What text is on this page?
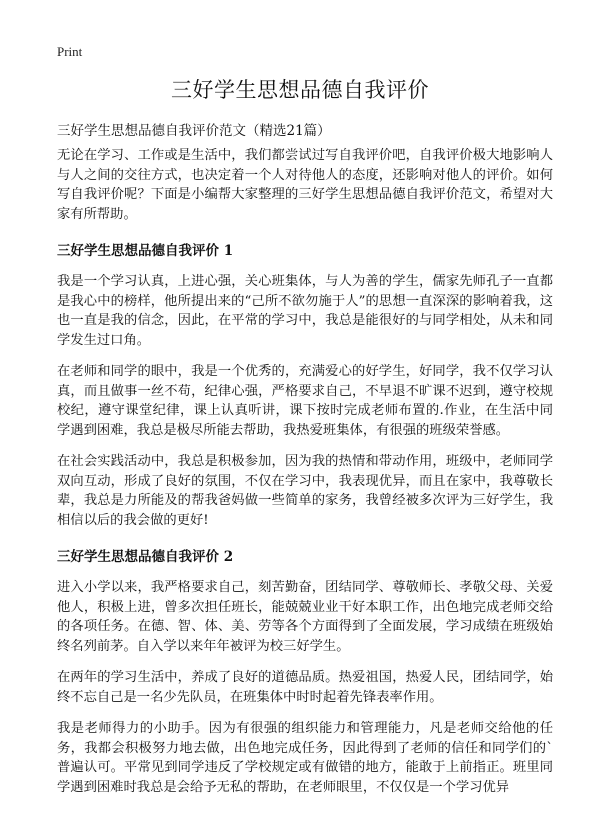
Print
三好学生思想品德自我评价
三好学生思想品德自我评价范文（精选21篇）

无论在学习、工作或是生活中，我们都尝试过写自我评价吧，自我评价极大地影响人与人之间的交往方式，也决定着一个人对待他人的态度，还影响对他人的评价。如何写自我评价呢？下面是小编帮大家整理的三好学生思想品德自我评价范文，希望对大家有所帮助。

三好学生思想品德自我评价 1

我是一个学习认真，上进心强，关心班集体，与人为善的学生，儒家先师孔子一直都是我心中的榜样，他所提出来的“己所不欲勿施于人”的思想一直深深的影响着我，这也一直是我的信念，因此，在平常的学习中，我总是能很好的与同学相处，从未和同学发生过口角。

在老师和同学的眼中，我是一个优秀的，充满爱心的好学生，好同学，我不仅学习认真，而且做事一丝不苟，纪律心强，严格要求自己，不早退不旷课不迟到，遵守校规校纪，遵守课堂纪律，课上认真听讲，课下按时完成老师布置的.作业，在生活中同学遇到困难，我总是极尽所能去帮助，我热爱班集体，有很强的班级荣誉感。

在社会实践活动中，我总是积极参加，因为我的热情和带动作用，班级中，老师同学双向互动，形成了良好的氛围，不仅在学习中，我表现优异，而且在家中，我尊敬长辈，我总是力所能及的帮我爸妈做一些简单的家务，我曾经被多次评为三好学生，我相信以后的我会做的更好!

三好学生思想品德自我评价 2

进入小学以来，我严格要求自己，刻苦勤奋，团结同学、尊敬师长、孝敬父母、关爱他人，积极上进，曾多次担任班长，能兢兢业业干好本职工作，出色地完成老师交给的各项任务。在德、智、体、美、劳等各个方面得到了全面发展，学习成绩在班级始终名列前茅。自入学以来年年被评为校三好学生。

在两年的学习生活中，养成了良好的道德品质。热爱祖国，热爱人民，团结同学，始终不忘自己是一名少先队员，在班集体中时时起着先锋表率作用。

我是老师得力的小助手。因为有很强的组织能力和管理能力，凡是老师交给他的任务，我都会积极努力地去做，出色地完成任务，因此得到了老师的信任和同学们的`普遍认可。平常见到同学违反了学校规定或有做错的地方，能敢于上前指正。班里同学遇到困难时我总是会给予无私的帮助，在老师眼里，不仅仅是一个学习优异
